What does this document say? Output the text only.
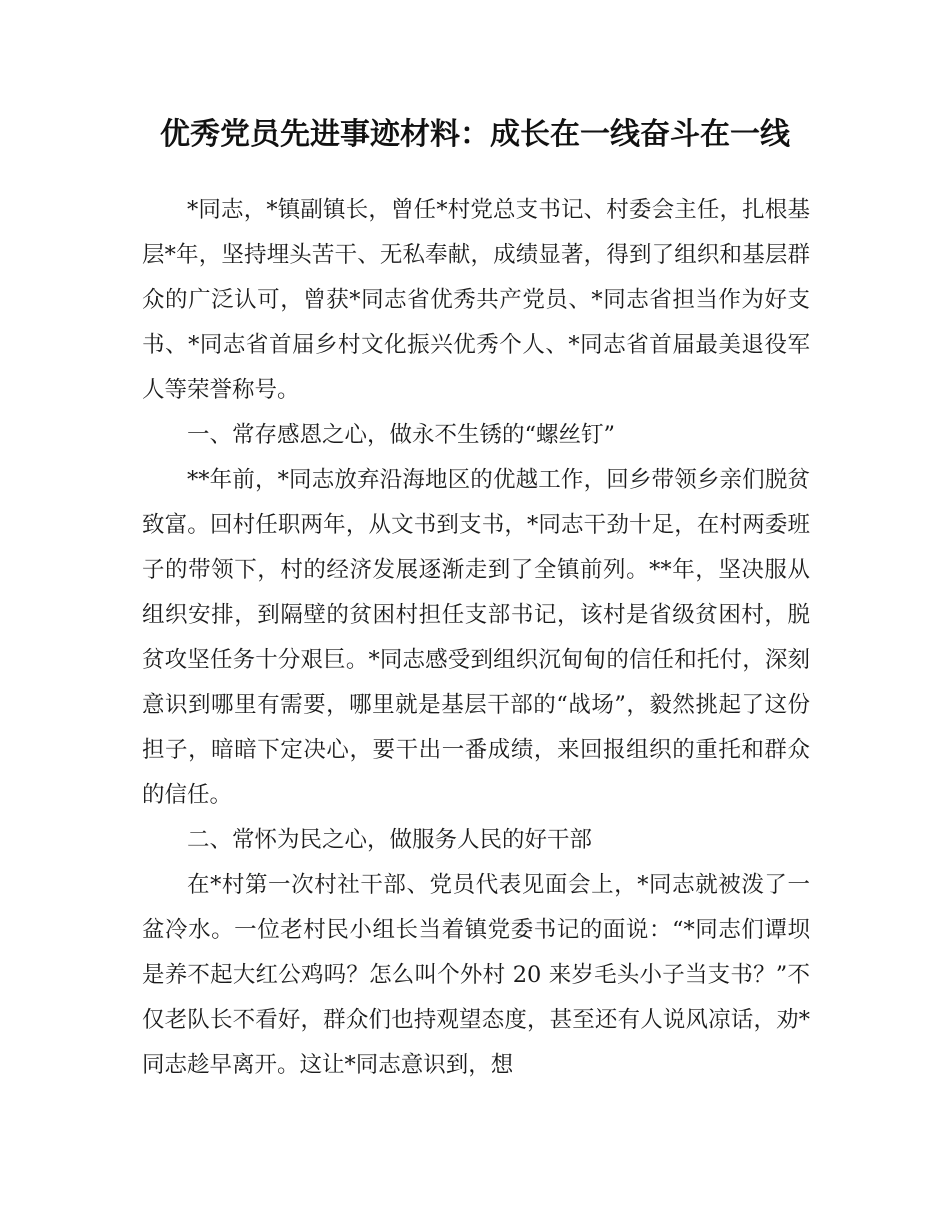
优秀党员先进事迹材料：成长在一线奋斗在一线

*同志，*镇副镇长，曾任*村党总支书记、村委会主任，扎根基层*年，坚持埋头苦干、无私奉献，成绩显著，得到了组织和基层群众的广泛认可，曾获*同志省优秀共产党员、*同志省担当作为好支书、*同志省首届乡村文化振兴优秀个人、*同志省首届最美退役军人等荣誉称号。

一、常存感恩之心，做永不生锈的“螺丝钉”

**年前，*同志放弃沿海地区的优越工作，回乡带领乡亲们脱贫致富。回村任职两年，从文书到支书，*同志干劲十足，在村两委班子的带领下，村的经济发展逐渐走到了全镇前列。**年，坚决服从组织安排，到隔壁的贫困村担任支部书记，该村是省级贫困村，脱贫攻坚任务十分艰巨。*同志感受到组织沉甸甸的信任和托付，深刻意识到哪里有需要，哪里就是基层干部的“战场”，毅然挑起了这份担子，暗暗下定决心，要干出一番成绩，来回报组织的重托和群众的信任。

二、常怀为民之心，做服务人民的好干部

在*村第一次村社干部、党员代表见面会上，*同志就被泼了一盆冷水。一位老村民小组长当着镇党委书记的面说：“*同志们谭坝是养不起大红公鸡吗？怎么叫个外村 20 来岁毛头小子当支书？”不仅老队长不看好，群众们也持观望态度，甚至还有人说风凉话，劝*同志趁早离开。这让*同志意识到，想
